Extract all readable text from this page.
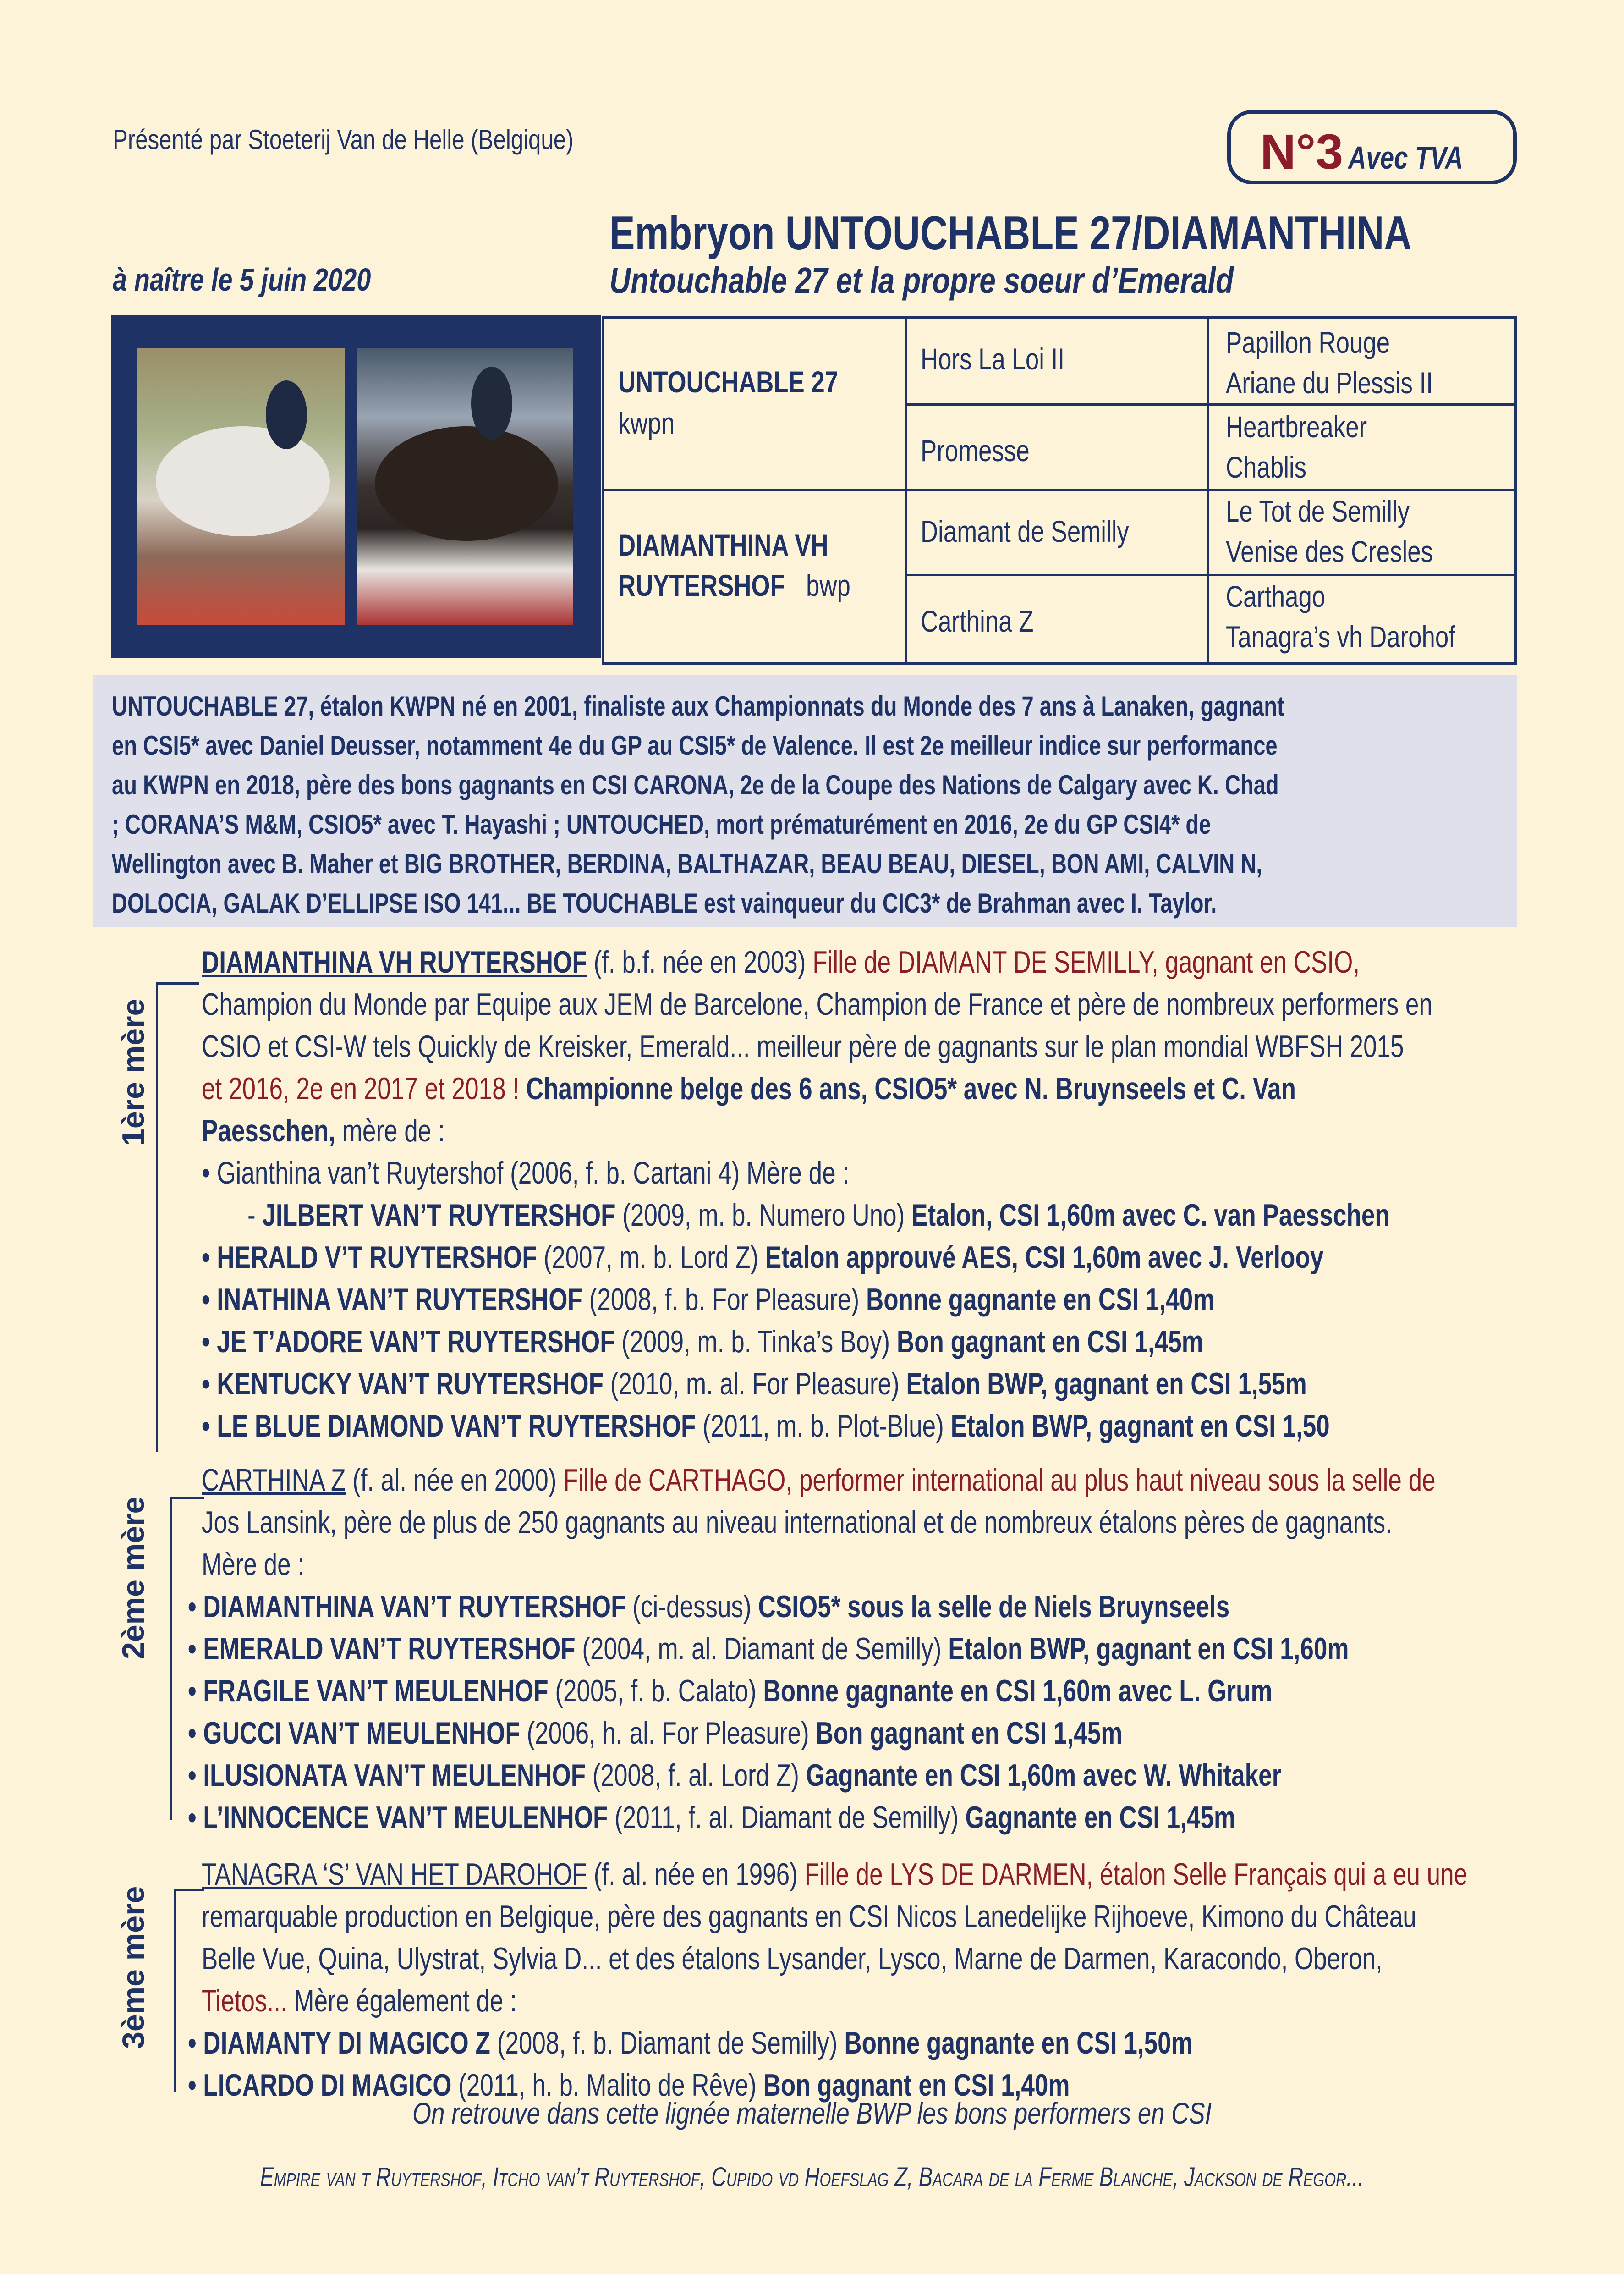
Présenté par Stoeterij Van de Helle (Belgique)	N°3 Avec TVA
Embryon UNTOUCHABLE 27/DIAMANTHINA
Untouchable 27 et la propre soeur d’Emerald
à naître le 5 juin 2020
UNTOUCHABLE 27
kwpn
DIAMANTHINA VH
RUYTERSHOF bwp
Hors La Loi II
Promesse
Diamant de Semilly
Carthina Z
Papillon Rouge
Ariane du Plessis II
Heartbreaker
Chablis
Le Tot de Semilly
Venise des Cresles
Carthago
Tanagra’s vh Darohof
UNTOUCHABLE 27, étalon KWPN né en 2001, finaliste aux Championnats du Monde des 7 ans à Lanaken, gagnant
en CSI5* avec Daniel Deusser, notamment 4e du GP au CSI5* de Valence. Il est 2e meilleur indice sur performance
au KWPN en 2018, père des bons gagnants en CSI CARONA, 2e de la Coupe des Nations de Calgary avec K. Chad
; CORANA’S M&M, CSIO5* avec T. Hayashi ; UNTOUCHED, mort prématurément en 2016, 2e du GP CSI4* de
Wellington avec B. Maher et BIG BROTHER, BERDINA, BALTHAZAR, BEAU BEAU, DIESEL, BON AMI, CALVIN N,
DOLOCIA, GALAK D’ELLIPSE ISO 141... BE TOUCHABLE est vainqueur du CIC3* de Brahman avec I. Taylor.
1ère mère
DIAMANTHINA VH RUYTERSHOF (f. b.f. née en 2003) Fille de DIAMANT DE SEMILLY, gagnant en CSIO,
Champion du Monde par Equipe aux JEM de Barcelone, Champion de France et père de nombreux performers en
CSIO et CSI-W tels Quickly de Kreisker, Emerald... meilleur père de gagnants sur le plan mondial WBFSH 2015
et 2016, 2e en 2017 et 2018 ! Championne belge des 6 ans, CSIO5* avec N. Bruynseels et C. Van
Paesschen, mère de :
• Gianthina van’t Ruytershof (2006, f. b. Cartani 4) Mère de :
- JILBERT VAN’T RUYTERSHOF (2009, m. b. Numero Uno) Etalon, CSI 1,60m avec C. van Paesschen
• HERALD V’T RUYTERSHOF (2007, m. b. Lord Z) Etalon approuvé AES, CSI 1,60m avec J. Verlooy
• INATHINA VAN’T RUYTERSHOF (2008, f. b. For Pleasure) Bonne gagnante en CSI 1,40m
• JE T’ADORE VAN’T RUYTERSHOF (2009, m. b. Tinka’s Boy) Bon gagnant en CSI 1,45m
• KENTUCKY VAN’T RUYTERSHOF (2010, m. al. For Pleasure) Etalon BWP, gagnant en CSI 1,55m
• LE BLUE DIAMOND VAN’T RUYTERSHOF (2011, m. b. Plot-Blue) Etalon BWP, gagnant en CSI 1,50
2ème mère
CARTHINA Z (f. al. née en 2000) Fille de CARTHAGO, performer international au plus haut niveau sous la selle de
Jos Lansink, père de plus de 250 gagnants au niveau international et de nombreux étalons pères de gagnants.
Mère de :
• DIAMANTHINA VAN’T RUYTERSHOF (ci-dessus) CSIO5* sous la selle de Niels Bruynseels
• EMERALD VAN’T RUYTERSHOF (2004, m. al. Diamant de Semilly) Etalon BWP, gagnant en CSI 1,60m
• FRAGILE VAN’T MEULENHOF (2005, f. b. Calato) Bonne gagnante en CSI 1,60m avec L. Grum
• GUCCI VAN’T MEULENHOF (2006, h. al. For Pleasure) Bon gagnant en CSI 1,45m
• ILUSIONATA VAN’T MEULENHOF (2008, f. al. Lord Z) Gagnante en CSI 1,60m avec W. Whitaker
• L’INNOCENCE VAN’T MEULENHOF (2011, f. al. Diamant de Semilly) Gagnante en CSI 1,45m
3ème mère
TANAGRA ‘S’ VAN HET DAROHOF (f. al. née en 1996) Fille de LYS DE DARMEN, étalon Selle Français qui a eu une
remarquable production en Belgique, père des gagnants en CSI Nicos Lanedelijke Rijhoeve, Kimono du Château
Belle Vue, Quina, Ulystrat, Sylvia D... et des étalons Lysander, Lysco, Marne de Darmen, Karacondo, Oberon,
Tietos... Mère également de :
• DIAMANTY DI MAGICO Z (2008, f. b. Diamant de Semilly) Bonne gagnante en CSI 1,50m
• LICARDO DI MAGICO (2011, h. b. Malito de Rêve) Bon gagnant en CSI 1,40m
On retrouve dans cette lignée maternelle BWP les bons performers en CSI
Empire van t Ruytershof, Itcho van’t Ruytershof, Cupido vd Hoefslag Z, Bacara de la Ferme Blanche, Jackson de Regor...
